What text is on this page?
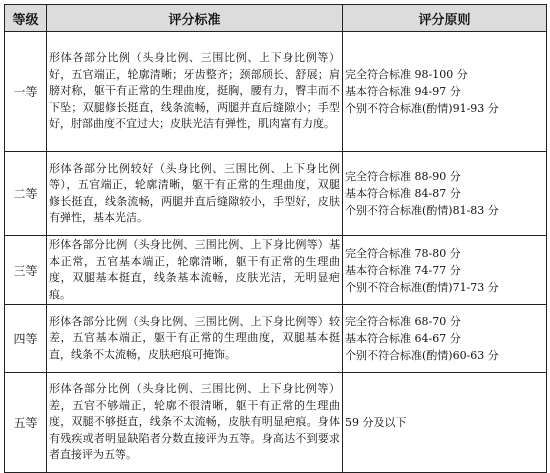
等级	评分标准	评分原则
一等	形体各部分比例（头身比例、三围比例、上下身比例等）好，五官端正，轮廓清晰；牙齿整齐；颈部颀长、舒展；肩膀对称，躯干有正常的生理曲度，挺胸，腰有力，臀丰而不下坠；双腿修长挺直，线条流畅，两腿并直后缝隙小；手型好，肘部曲度不宜过大；皮肤光洁有弹性，肌肉富有力度。	完全符合标准 98-100 分
基本符合标准 94-97 分
个别不符合标准(酌情)91-93 分

二等	形体各部分比例较好（头身比例、三围比例、上下身比例等），五官端正，轮廓清晰，躯干有正常的生理曲度，双腿修长挺直，线条流畅，两腿并直后缝隙较小，手型好，皮肤有弹性，基本光洁。	完全符合标准 88-90 分
基本符合标准 84-87 分
个别不符合标准(酌情)81-83 分

三等	形体各部分比例（头身比例、三围比例、上下身比例等）基本正常，五官基本端正，轮廓清晰，躯干有正常的生理曲度，双腿基本挺直，线条基本流畅，皮肤光洁，无明显疤痕。	完全符合标准 78-80 分
基本符合标准 74-77 分
个别不符合标准(酌情)71-73 分

四等	形体各部分比例（头身比例、三围比例、上下身比例等）较差，五官基本端正，躯干有正常的生理曲度，双腿基本挺直，线条不太流畅，皮肤疤痕可掩饰。	完全符合标准 68-70 分
基本符合标准 64-67 分
个别不符合标准(酌情)60-63 分

五等	形体各部分比例（头身比例、三围比例、上下身比例等）差，五官不够端正，轮廓不很清晰，躯干有正常的生理曲度，双腿不够挺直，线条不太流畅，皮肤有明显疤痕。身体有残疾或者明显缺陷者分数直接评为五等。身高达不到要求者直接评为五等。	59 分及以下
